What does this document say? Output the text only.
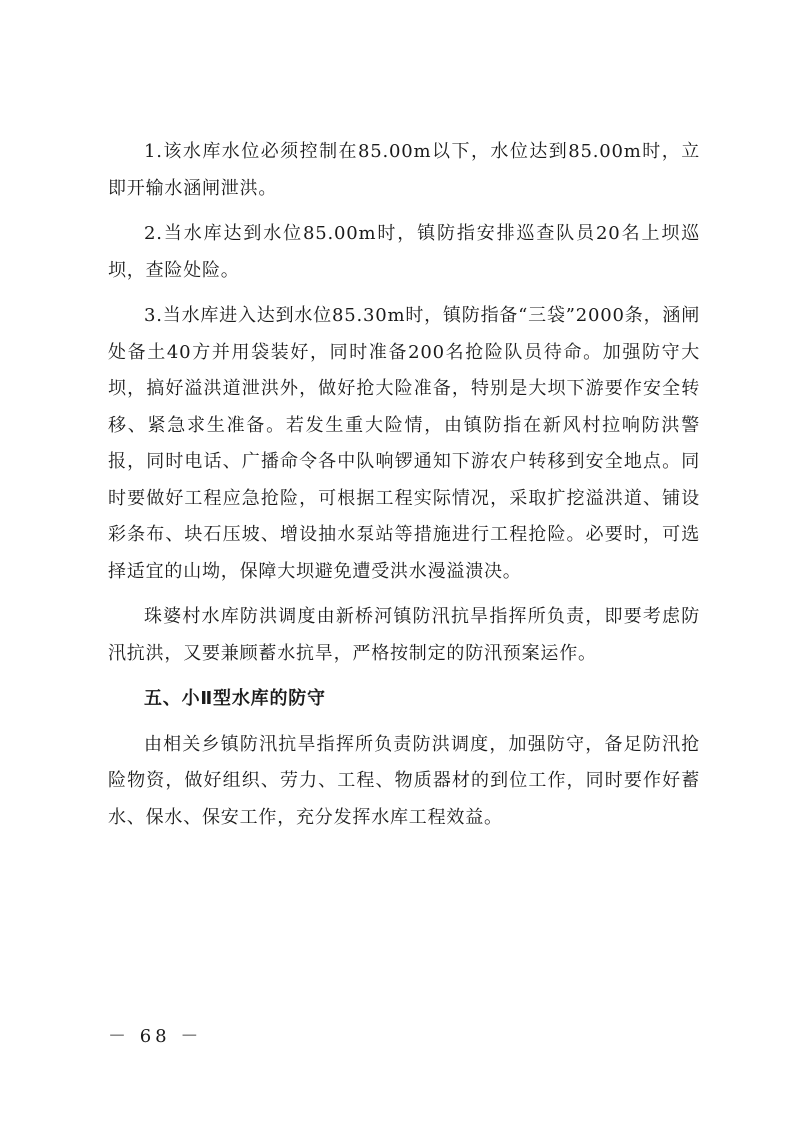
1.该水库水位必须控制在85.00m以下，水位达到85.00m时，立即开输水涵闸泄洪。

2.当水库达到水位85.00m时，镇防指安排巡查队员20名上坝巡坝，查险处险。

3.当水库进入达到水位85.30m时，镇防指备“三袋”2000条，涵闸处备土40方并用袋装好，同时准备200名抢险队员待命。加强防守大坝，搞好溢洪道泄洪外，做好抢大险准备，特别是大坝下游要作安全转移、紧急求生准备。若发生重大险情，由镇防指在新风村拉响防洪警报，同时电话、广播命令各中队响锣通知下游农户转移到安全地点。同时要做好工程应急抢险，可根据工程实际情况，采取扩挖溢洪道、铺设彩条布、块石压坡、增设抽水泵站等措施进行工程抢险。必要时，可选择适宜的山坳，保障大坝避免遭受洪水漫溢溃决。

珠婆村水库防洪调度由新桥河镇防汛抗旱指挥所负责，即要考虑防汛抗洪，又要兼顾蓄水抗旱，严格按制定的防汛预案运作。

五、小Ⅱ型水库的防守

由相关乡镇防汛抗旱指挥所负责防洪调度，加强防守，备足防汛抢险物资，做好组织、劳力、工程、物质器材的到位工作，同时要作好蓄水、保水、保安工作，充分发挥水库工程效益。

－ 68 －
